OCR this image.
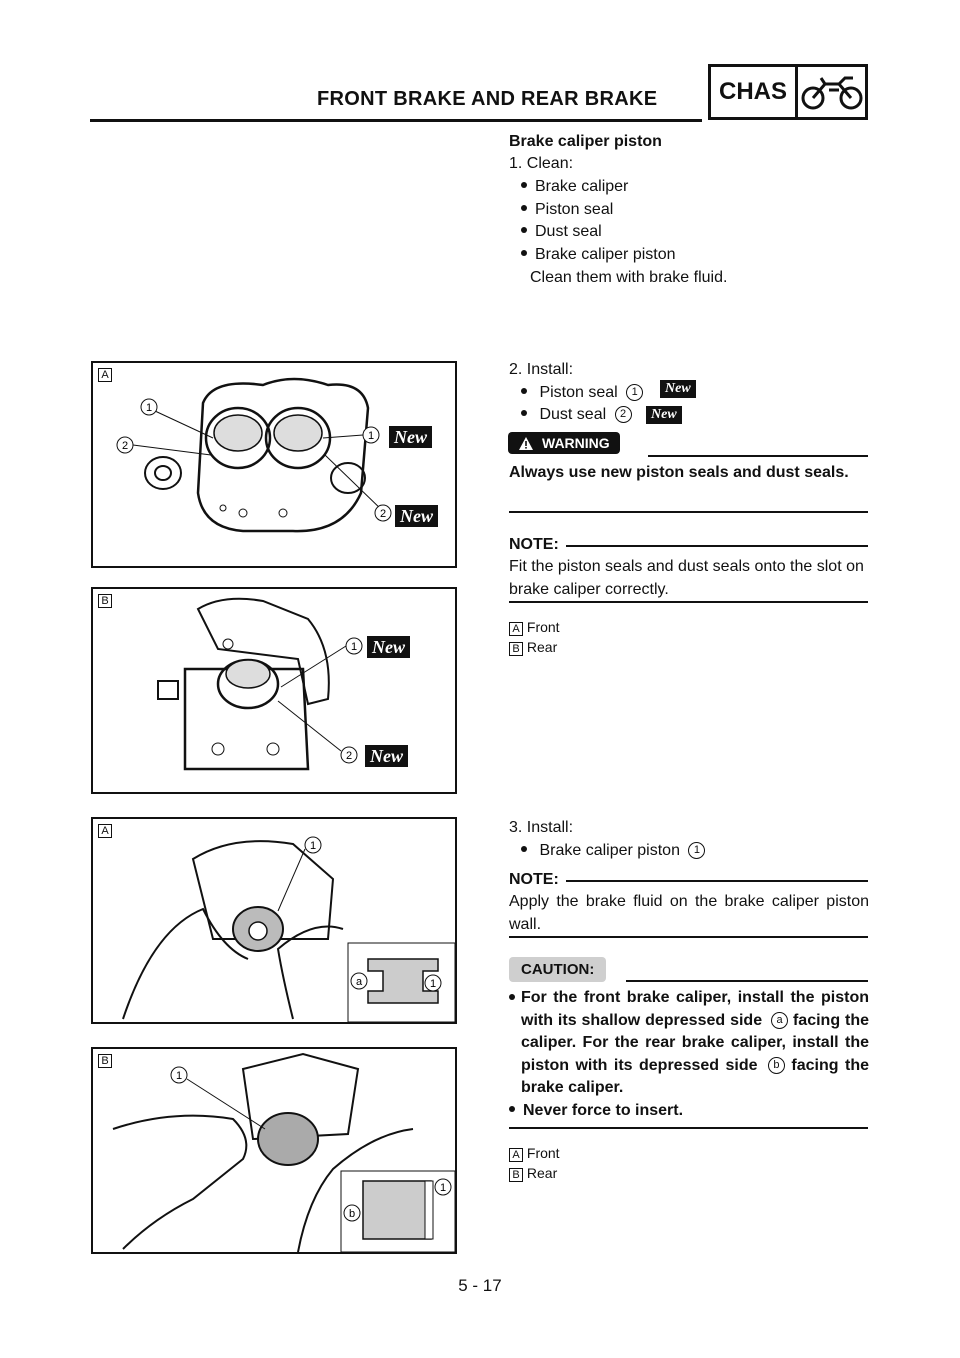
FRONT BRAKE AND REAR BRAKE	CHAS
Brake caliper piston
1. Clean:
Brake caliper
Piston seal
Dust seal
Brake caliper piston
Clean them with brake fluid.
2. Install:
Piston seal 1	New
Dust seal 2	New
WARNING
Always use new piston seals and dust seals.
NOTE:
Fit the piston seals and dust seals onto the slot on brake caliper correctly.
A Front
B Rear
3. Install:
Brake caliper piston 1
NOTE:
Apply the brake fluid on the brake caliper piston wall.
CAUTION:
For the front brake caliper, install the piston with its shallow depressed side a facing the caliper. For the rear brake caliper, install the piston with its depressed side b facing the brake caliper.
Never force to insert.
A Front
B Rear
A
1
2
1
2
New
New
B
1
2
New
New
A
1
a	1
B
1
b
1
5 - 17
